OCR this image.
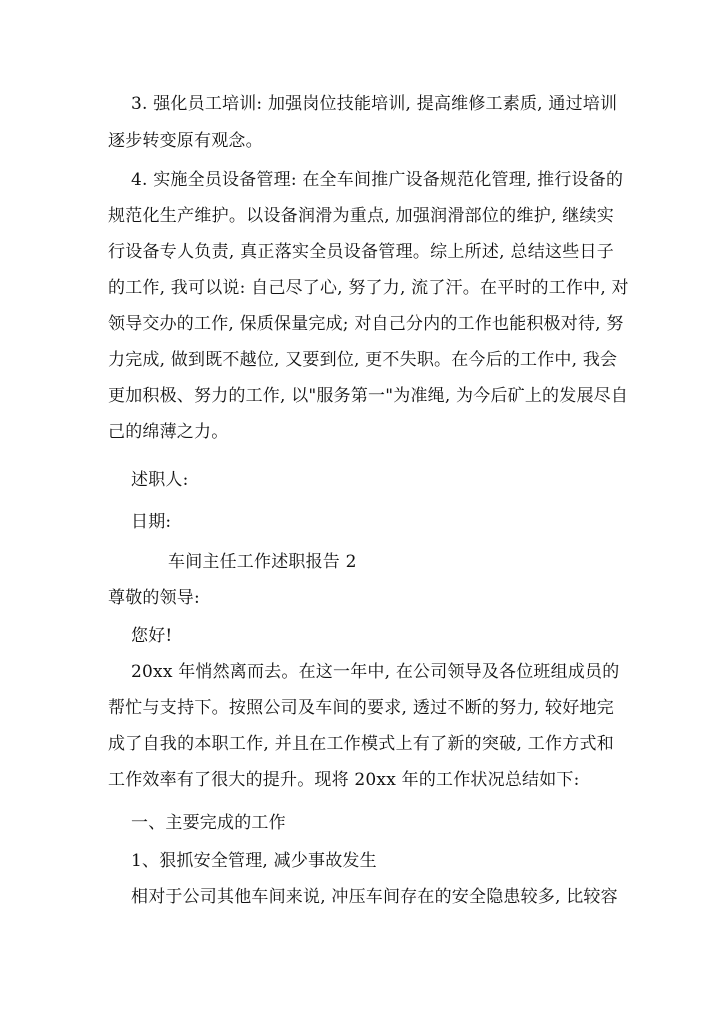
3. 强化员工培训: 加强岗位技能培训, 提高维修工素质, 通过培训
逐步转变原有观念。
4. 实施全员设备管理: 在全车间推广设备规范化管理, 推行设备的
规范化生产维护。以设备润滑为重点, 加强润滑部位的维护, 继续实
行设备专人负责, 真正落实全员设备管理。综上所述, 总结这些日子
的工作, 我可以说: 自己尽了心, 努了力, 流了汗。在平时的工作中, 对
领导交办的工作, 保质保量完成; 对自己分内的工作也能积极对待, 努
力完成, 做到既不越位, 又要到位, 更不失职。在今后的工作中, 我会
更加积极、努力的工作, 以"服务第一"为准绳, 为今后矿上的发展尽自
己的绵薄之力。
述职人:
日期:
车间主任工作述职报告 2
尊敬的领导:
您好!
20xx 年悄然离而去。在这一年中, 在公司领导及各位班组成员的
帮忙与支持下。按照公司及车间的要求, 透过不断的努力, 较好地完
成了自我的本职工作, 并且在工作模式上有了新的突破, 工作方式和
工作效率有了很大的提升。现将 20xx 年的工作状况总结如下:
一、主要完成的工作
1、狠抓安全管理, 减少事故发生
相对于公司其他车间来说, 冲压车间存在的安全隐患较多, 比较容
